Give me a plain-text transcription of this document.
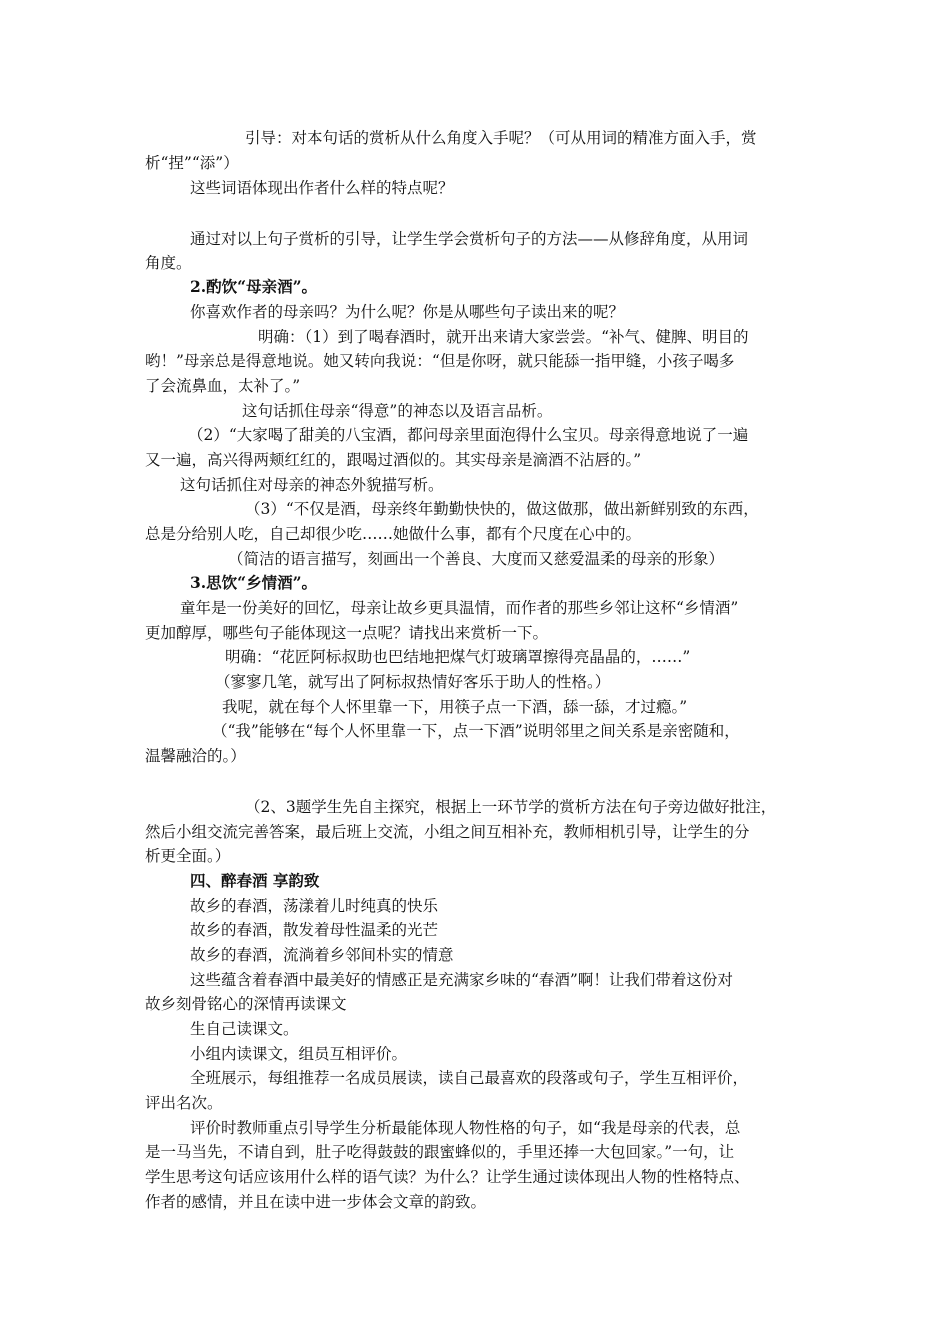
引导：对本句话的赏析从什么角度入手呢？（可从用词的精准方面入手，赏
析“捏”“添”）
这些词语体现出作者什么样的特点呢？
通过对以上句子赏析的引导，让学生学会赏析句子的方法——从修辞角度，从用词
角度。
2.酌饮“母亲酒”。
你喜欢作者的母亲吗？为什么呢？你是从哪些句子读出来的呢？
明确：（1）到了喝春酒时，就开出来请大家尝尝。“补气、健脾、明目的
哟！”母亲总是得意地说。她又转向我说：“但是你呀，就只能舔一指甲缝，小孩子喝多
了会流鼻血，太补了。”
这句话抓住母亲“得意”的神态以及语言品析。
（2）“大家喝了甜美的八宝酒，都问母亲里面泡得什么宝贝。母亲得意地说了一遍
又一遍，高兴得两颊红红的，跟喝过酒似的。其实母亲是滴酒不沾唇的。”
这句话抓住对母亲的神态外貌描写析。
（3）“不仅是酒，母亲终年勤勤快快的，做这做那，做出新鲜别致的东西，
总是分给别人吃，自己却很少吃……她做什么事，都有个尺度在心中的。
（简洁的语言描写，刻画出一个善良、大度而又慈爱温柔的母亲的形象）
3.思饮“乡情酒”。
童年是一份美好的回忆，母亲让故乡更具温情，而作者的那些乡邻让这杯“乡情酒”
更加醇厚，哪些句子能体现这一点呢？请找出来赏析一下。
明确：“花匠阿标叔助也巴结地把煤气灯玻璃罩擦得亮晶晶的，……”
（寥寥几笔，就写出了阿标叔热情好客乐于助人的性格。）
我呢，就在每个人怀里靠一下，用筷子点一下酒，舔一舔，才过瘾。”
（“我”能够在“每个人怀里靠一下，点一下酒”说明邻里之间关系是亲密随和，
温馨融洽的。）
（2、3题学生先自主探究，根据上一环节学的赏析方法在句子旁边做好批注，
然后小组交流完善答案，最后班上交流，小组之间互相补充，教师相机引导，让学生的分
析更全面。）
四、醉春酒 享韵致
故乡的春酒，荡漾着儿时纯真的快乐
故乡的春酒，散发着母性温柔的光芒
故乡的春酒，流淌着乡邻间朴实的情意
这些蕴含着春酒中最美好的情感正是充满家乡味的“春酒”啊！让我们带着这份对
故乡刻骨铭心的深情再读课文
生自己读课文。
小组内读课文，组员互相评价。
全班展示，每组推荐一名成员展读，读自己最喜欢的段落或句子，学生互相评价，
评出名次。
评价时教师重点引导学生分析最能体现人物性格的句子，如“我是母亲的代表，总
是一马当先，不请自到，肚子吃得鼓鼓的跟蜜蜂似的，手里还捧一大包回家。”一句，让
学生思考这句话应该用什么样的语气读？为什么？让学生通过读体现出人物的性格特点、
作者的感情，并且在读中进一步体会文章的韵致。
